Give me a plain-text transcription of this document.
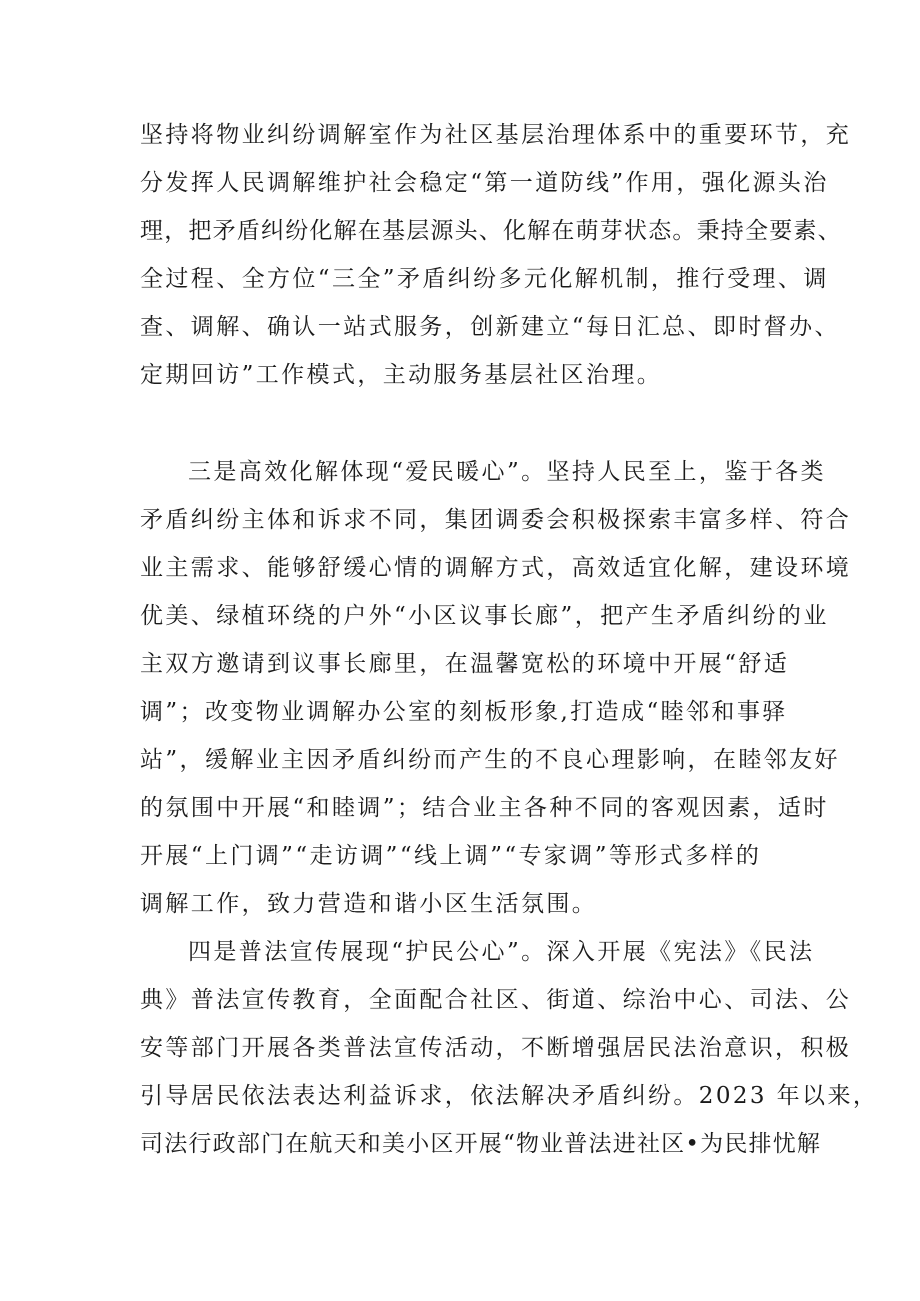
坚持将物业纠纷调解室作为社区基层治理体系中的重要环节，充

分发挥人民调解维护社会稳定“第一道防线”作用，强化源头治

理，把矛盾纠纷化解在基层源头、化解在萌芽状态。秉持全要素、

全过程、全方位“三全”矛盾纠纷多元化解机制，推行受理、调

查、调解、确认一站式服务，创新建立“每日汇总、即时督办、

定期回访”工作模式，主动服务基层社区治理。

三是高效化解体现“爱民暖心”。坚持人民至上，鉴于各类

矛盾纠纷主体和诉求不同，集团调委会积极探索丰富多样、符合

业主需求、能够舒缓心情的调解方式，高效适宜化解，建设环境

优美、绿植环绕的户外“小区议事长廊”，把产生矛盾纠纷的业

主双方邀请到议事长廊里，在温馨宽松的环境中开展“舒适

调”；改变物业调解办公室的刻板形象,打造成“睦邻和事驿

站”，缓解业主因矛盾纠纷而产生的不良心理影响，在睦邻友好

的氛围中开展“和睦调”；结合业主各种不同的客观因素，适时

开展“上门调”“走访调”“线上调”“专家调”等形式多样的

调解工作，致力营造和谐小区生活氛围。

四是普法宣传展现“护民公心”。深入开展《宪法》《民法

典》普法宣传教育，全面配合社区、街道、综治中心、司法、公

安等部门开展各类普法宣传活动，不断增强居民法治意识，积极

引导居民依法表达利益诉求，依法解决矛盾纠纷。2023 年以来，

司法行政部门在航天和美小区开展“物业普法进社区•为民排忧解
